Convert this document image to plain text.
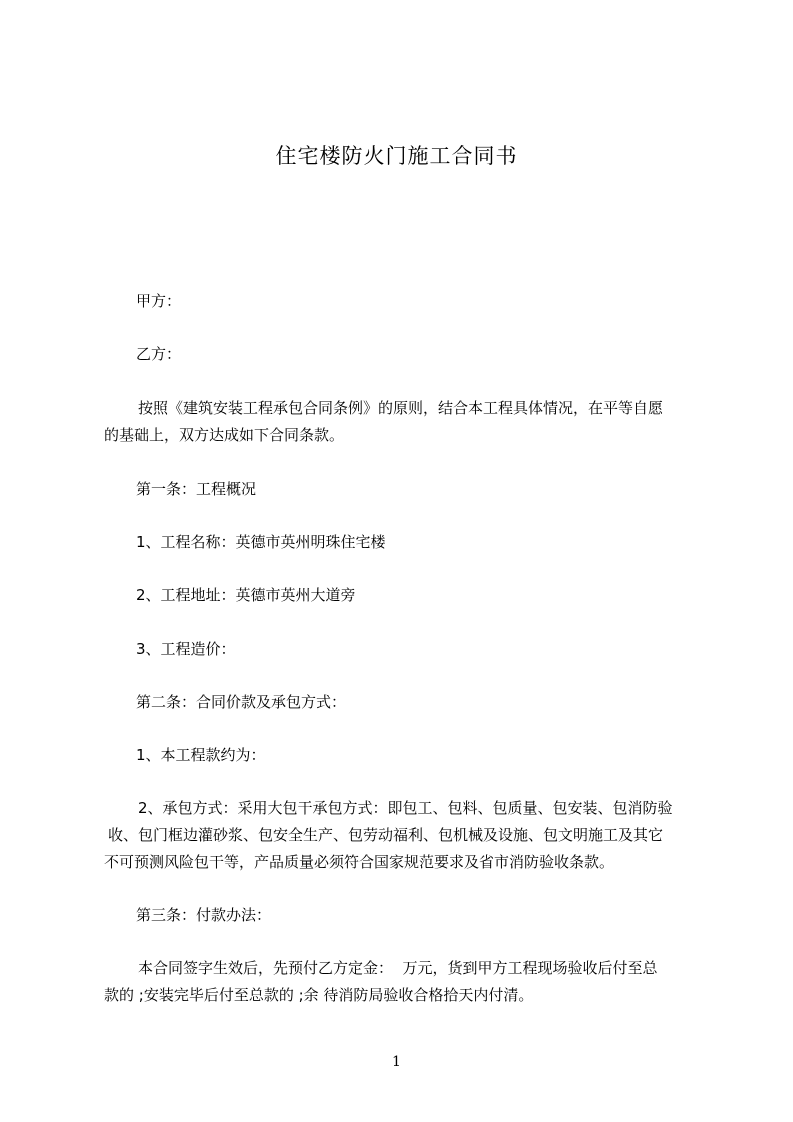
住宅楼防火门施工合同书
甲方：
乙方：
按照《建筑安装工程承包合同条例》的原则，结合本工程具体情况，在平等自愿
的基础上，双方达成如下合同条款。
第一条：工程概况
1、工程名称：英德市英州明珠住宅楼
2、工程地址：英德市英州大道旁
3、工程造价：
第二条：合同价款及承包方式：
1、本工程款约为：
2、承包方式：采用大包干承包方式：即包工、包料、包质量、包安装、包消防验
收、包门框边灌砂浆、包安全生产、包劳动福利、包机械及设施、包文明施工及其它
不可预测风险包干等，产品质量必须符合国家规范要求及省市消防验收条款。
第三条：付款办法：
本合同签字生效后，先预付乙方定金：  万元，货到甲方工程现场验收后付至总
款的 ;安装完毕后付至总款的 ;余 待消防局验收合格拾天内付清。
1
